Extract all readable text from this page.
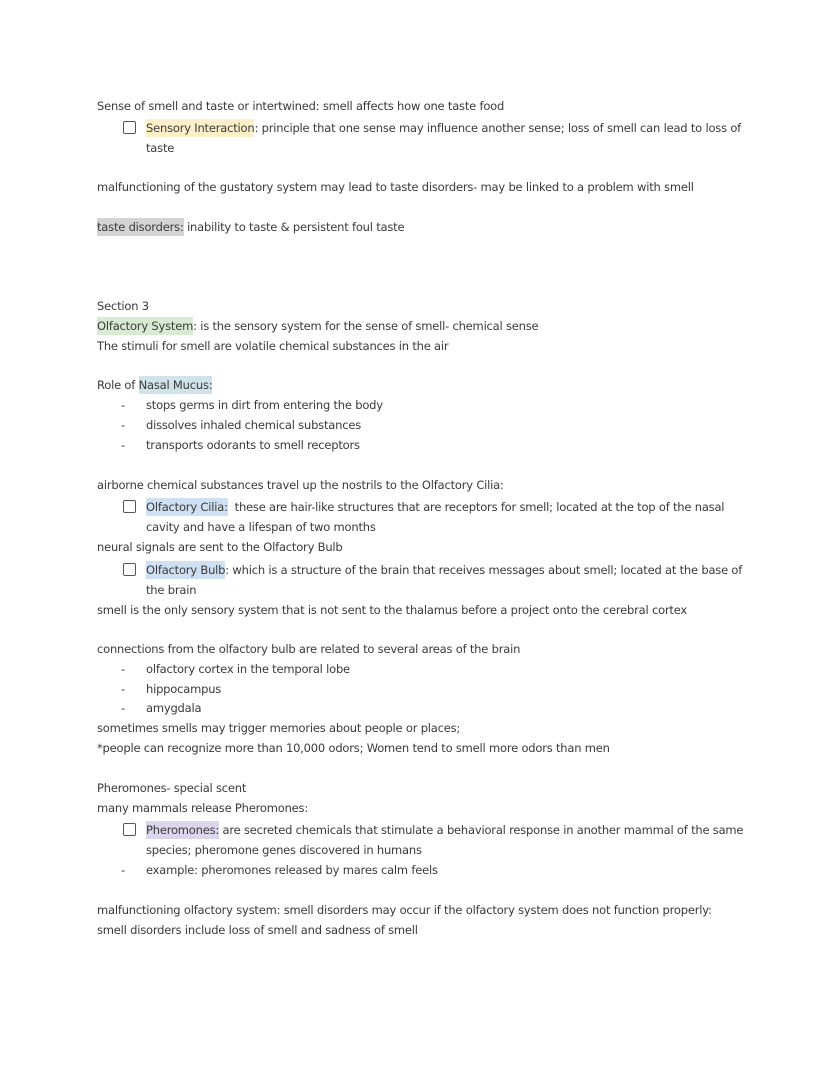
Sense of smell and taste or intertwined: smell affects how one taste food
Sensory Interaction: principle that one sense may influence another sense; loss of smell can lead to loss of
taste
malfunctioning of the gustatory system may lead to taste disorders- may be linked to a problem with smell
taste disorders: inability to taste & persistent foul taste
Section 3
Olfactory System: is the sensory system for the sense of smell- chemical sense
The stimuli for smell are volatile chemical substances in the air
Role of Nasal Mucus:
- stops germs in dirt from entering the body
- dissolves inhaled chemical substances
- transports odorants to smell receptors
airborne chemical substances travel up the nostrils to the Olfactory Cilia:
Olfactory Cilia:  these are hair-like structures that are receptors for smell; located at the top of the nasal
cavity and have a lifespan of two months
neural signals are sent to the Olfactory Bulb
Olfactory Bulb: which is a structure of the brain that receives messages about smell; located at the base of
the brain
smell is the only sensory system that is not sent to the thalamus before a project onto the cerebral cortex
connections from the olfactory bulb are related to several areas of the brain
- olfactory cortex in the temporal lobe
- hippocampus
- amygdala
sometimes smells may trigger memories about people or places;
*people can recognize more than 10,000 odors; Women tend to smell more odors than men
Pheromones- special scent
many mammals release Pheromones:
Pheromones: are secreted chemicals that stimulate a behavioral response in another mammal of the same
species; pheromone genes discovered in humans
- example: pheromones released by mares calm feels
malfunctioning olfactory system: smell disorders may occur if the olfactory system does not function properly:
smell disorders include loss of smell and sadness of smell
